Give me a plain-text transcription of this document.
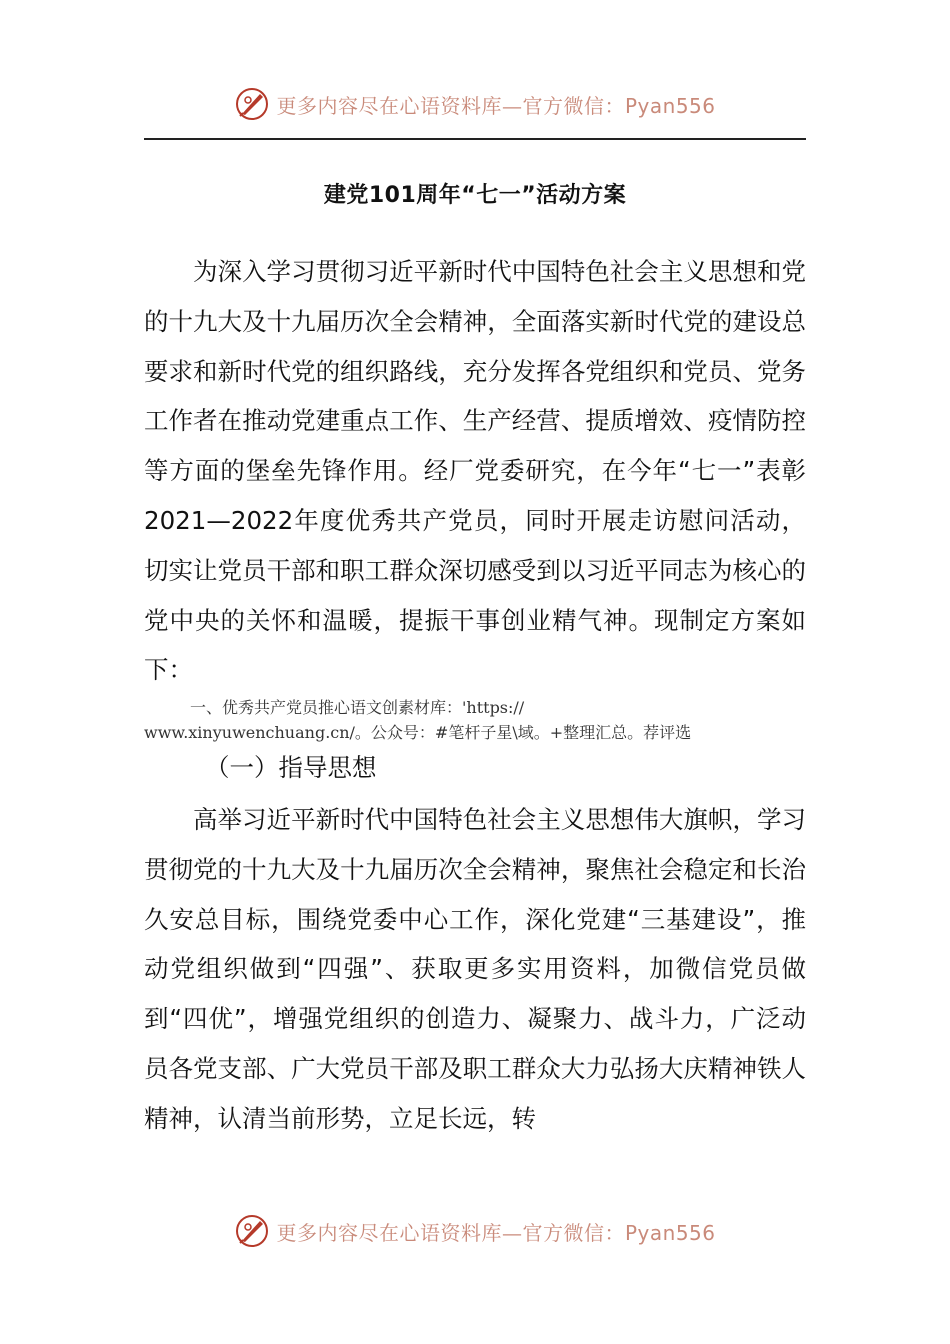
更多内容尽在心语资料库—官方微信：Pyan556
建党101周年“七一”活动方案

为深入学习贯彻习近平新时代中国特色社会主义思想和党的十九大及十九届历次全会精神，全面落实新时代党的建设总要求和新时代党的组织路线，充分发挥各党组织和党员、党务工作者在推动党建重点工作、生产经营、提质增效、疫情防控等方面的堡垒先锋作用。经厂党委研究，在今年“七一”表彰2021—2022年度优秀共产党员，同时开展走访慰问活动，切实让党员干部和职工群众深切感受到以习近平同志为核心的党中央的关怀和温暖，提振干事创业精气神。现制定方案如下：

一、优秀共产党员推心语文创素材库：'https://
www.xinyuwenchuang.cn/。公众号：#笔杆子星\域。+整理汇总。荐评选
（一）指导思想

高举习近平新时代中国特色社会主义思想伟大旗帜，学习贯彻党的十九大及十九届历次全会精神，聚焦社会稳定和长治久安总目标，围绕党委中心工作，深化党建“三基建设”，推动党组织做到“四强”、获取更多实用资料，加微信党员做到“四优”，增强党组织的创造力、凝聚力、战斗力，广泛动员各党支部、广大党员干部及职工群众大力弘扬大庆精神铁人精神，认清当前形势，立足长远，转

更多内容尽在心语资料库—官方微信：Pyan556
